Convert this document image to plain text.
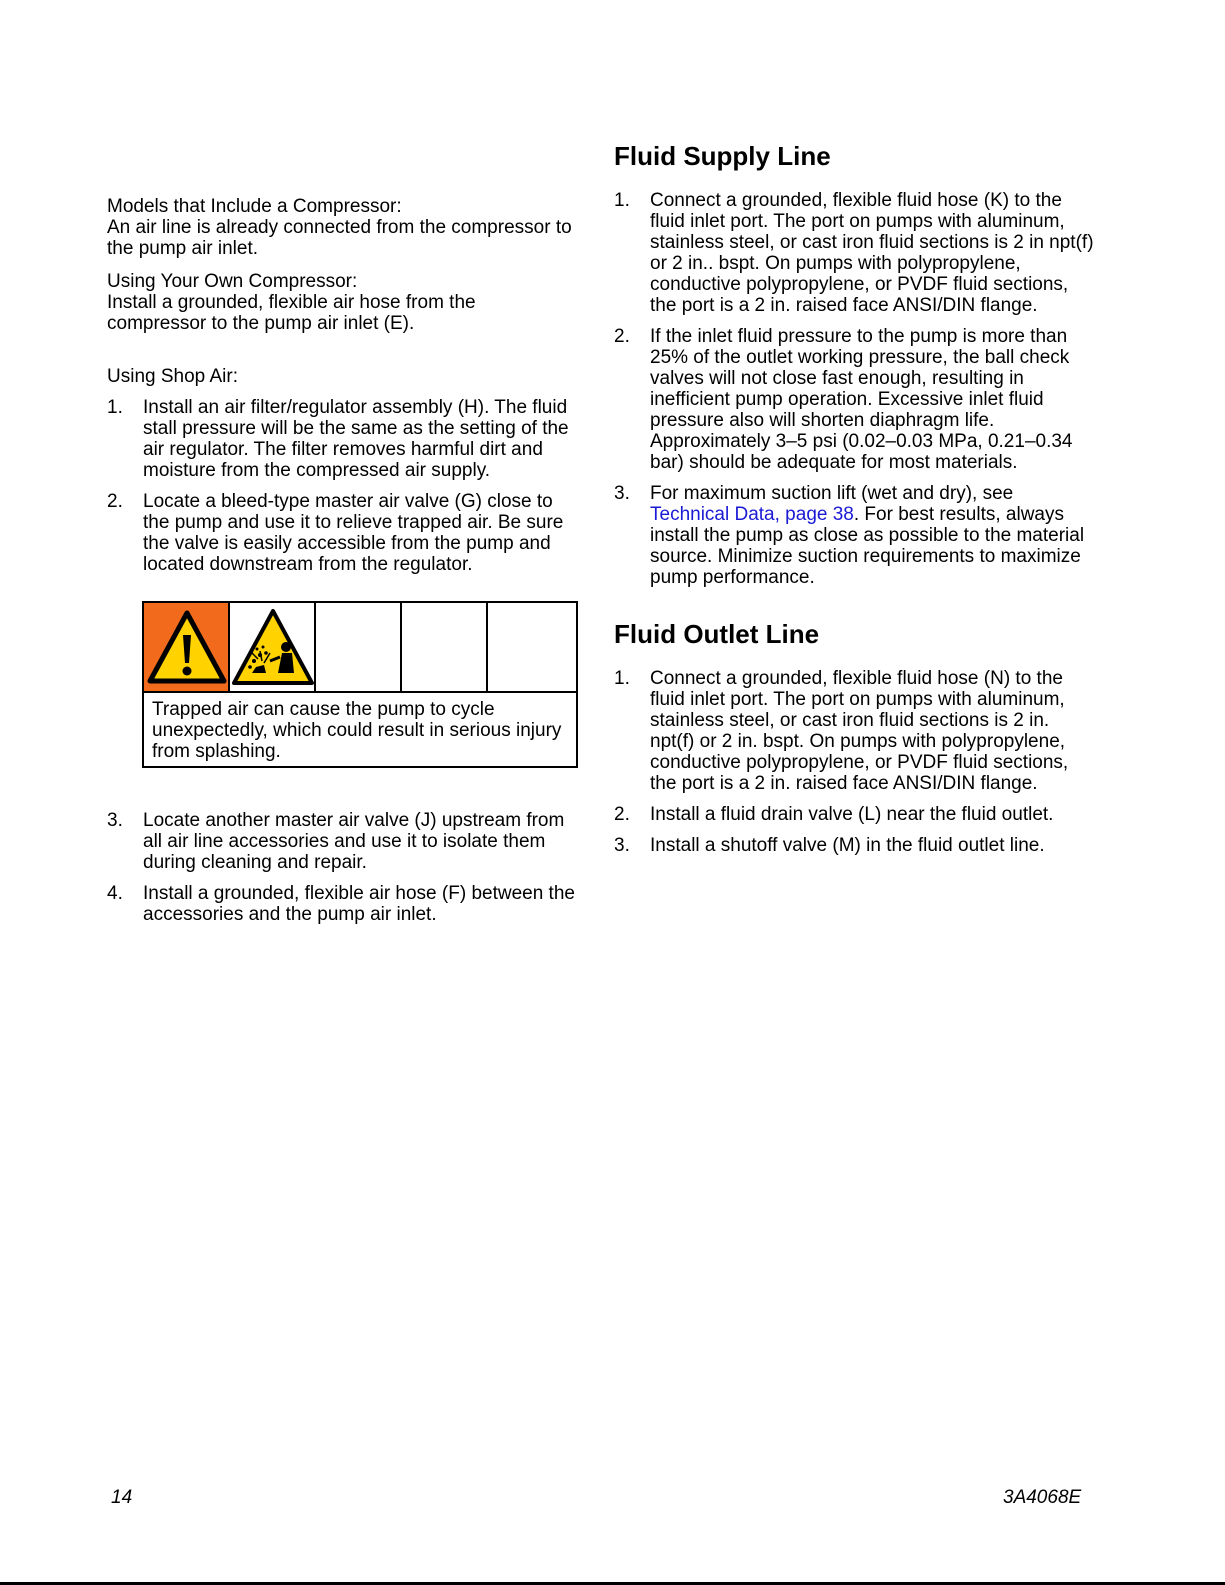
Models that Include a Compressor:

An air line is already connected from the compressor to the pump air inlet.

Using Your Own Compressor:

Install a grounded, flexible air hose from the compressor to the pump air inlet (E).

Using Shop Air:

1. Install an air filter/regulator assembly (H). The fluid stall pressure will be the same as the setting of the air regulator. The filter removes harmful dirt and moisture from the compressed air supply.
2. Locate a bleed-type master air valve (G) close to the pump and use it to relieve trapped air. Be sure the valve is easily accessible from the pump and located downstream from the regulator.
Trapped air can cause the pump to cycle unexpectedly, which could result in serious injury from splashing.
3. Locate another master air valve (J) upstream from all air line accessories and use it to isolate them during cleaning and repair.
4. Install a grounded, flexible air hose (F) between the accessories and the pump air inlet.
Fluid Supply Line
1. Connect a grounded, flexible fluid hose (K) to the fluid inlet port. The port on pumps with aluminum, stainless steel, or cast iron fluid sections is 2 in npt(f) or 2 in.. bspt. On pumps with polypropylene, conductive polypropylene, or PVDF fluid sections, the port is a 2 in. raised face ANSI/DIN flange.
2. If the inlet fluid pressure to the pump is more than 25% of the outlet working pressure, the ball check valves will not close fast enough, resulting in inefficient pump operation. Excessive inlet fluid pressure also will shorten diaphragm life. Approximately 3–5 psi (0.02–0.03 MPa, 0.21–0.34 bar) should be adequate for most materials.
3. For maximum suction lift (wet and dry), see Technical Data, page 38. For best results, always install the pump as close as possible to the material source. Minimize suction requirements to maximize pump performance.
Fluid Outlet Line
1. Connect a grounded, flexible fluid hose (N) to the fluid inlet port. The port on pumps with aluminum, stainless steel, or cast iron fluid sections is 2 in. npt(f) or 2 in. bspt. On pumps with polypropylene, conductive polypropylene, or PVDF fluid sections, the port is a 2 in. raised face ANSI/DIN flange.
2. Install a fluid drain valve (L) near the fluid outlet.
3. Install a shutoff valve (M) in the fluid outlet line.
14	3A4068E
